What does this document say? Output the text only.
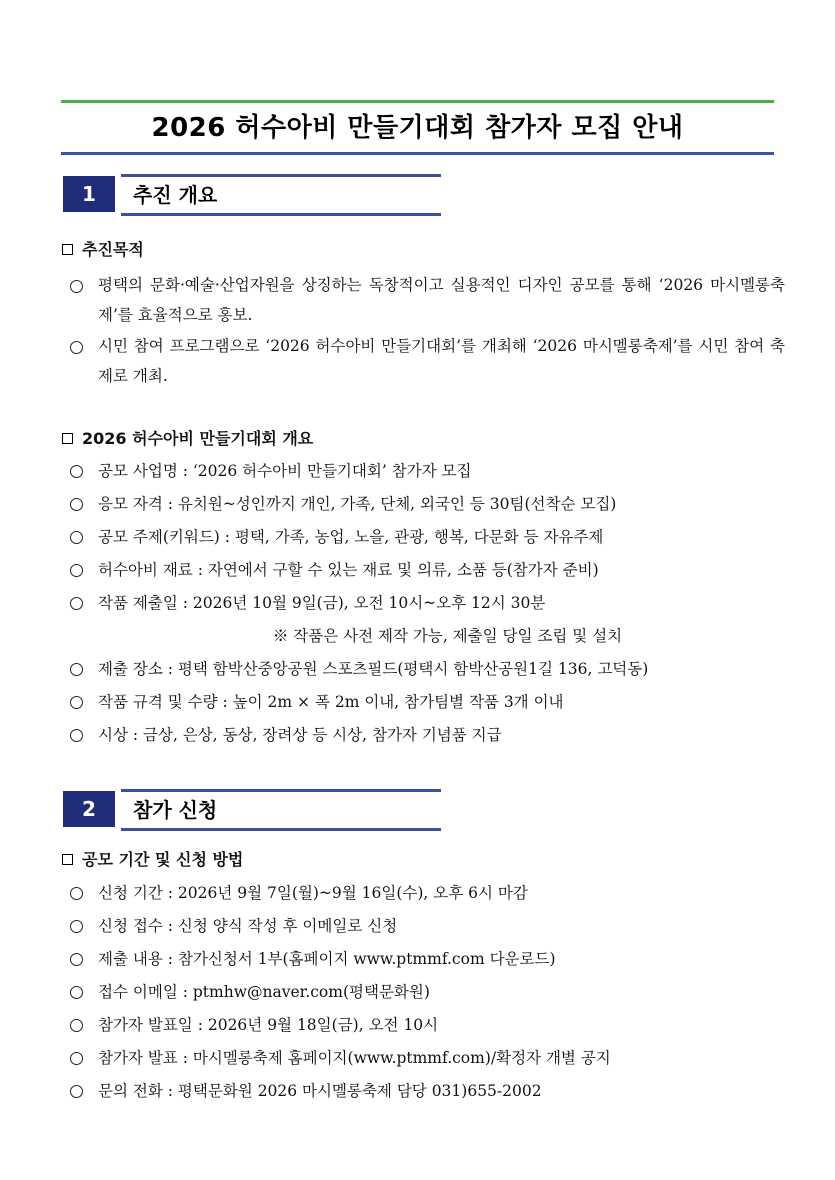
2026 허수아비 만들기대회 참가자 모집 안내
1	추진 개요
추진목적
평택의 문화·예술·산업자원을 상징하는 독창적이고 실용적인 디자인 공모를 통해 ‘2026 마시멜롱축제’를 효율적으로 홍보.
시민 참여 프로그램으로 ‘2026 허수아비 만들기대회’를 개최해 ‘2026 마시멜롱축제’를 시민 참여 축제로 개최.
2026 허수아비 만들기대회 개요
공모 사업명 : ‘2026 허수아비 만들기대회’ 참가자 모집
응모 자격 : 유치원~성인까지 개인, 가족, 단체, 외국인 등 30팀(선착순 모집)
공모 주제(키워드) : 평택, 가족, 농업, 노을, 관광, 행복, 다문화 등 자유주제
허수아비 재료 : 자연에서 구할 수 있는 재료 및 의류, 소품 등(참가자 준비)
작품 제출일 : 2026년 10월 9일(금), 오전 10시~오후 12시 30분
※ 작품은 사전 제작 가능, 제출일 당일 조립 및 설치
제출 장소 : 평택 함박산중앙공원 스포츠필드(평택시 함박산공원1길 136, 고덕동)
작품 규격 및 수량 : 높이 2m × 폭 2m 이내, 참가팀별 작품 3개 이내
시상 : 금상, 은상, 동상, 장려상 등 시상, 참가자 기념품 지급
2	참가 신청
공모 기간 및 신청 방법
신청 기간 : 2026년 9월 7일(월)~9월 16일(수), 오후 6시 마감
신청 접수 : 신청 양식 작성 후 이메일로 신청
제출 내용 : 참가신청서 1부(홈페이지 www.ptmmf.com 다운로드)
접수 이메일 : ptmhw@naver.com(평택문화원)
참가자 발표일 : 2026년 9월 18일(금), 오전 10시
참가자 발표 : 마시멜롱축제 홈페이지(www.ptmmf.com)/확정자 개별 공지
문의 전화 : 평택문화원 2026 마시멜롱축제 담당 031)655-2002
